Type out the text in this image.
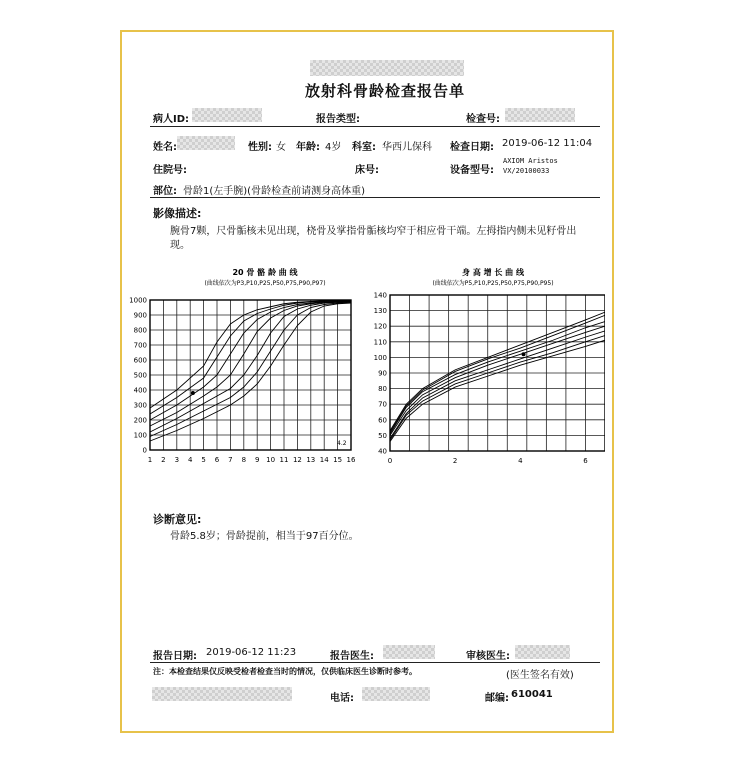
放射科骨龄检查报告单
病人ID:	报告类型:	检查号:
姓名:	性别: 女 年龄: 4岁 科室: 华西儿保科 检查日期: 2019-06-12 11:04
住院号:	床号:	设备型号:
AXIOM Aristos
VX/20100033
部位: 骨龄1(左手腕)(骨龄检查前请测身高体重)
影像描述:
腕骨7颗，尺骨骺核未见出现，桡骨及掌指骨骺核均窄于相应骨干端。左拇指内侧未见籽骨出
现。
20 骨 骼 龄 曲 线
(曲线依次为P3,P10,P25,P50,P75,P90,P97)
身 高 增 长 曲 线
(曲线依次为P5,P10,P25,P50,P75,P90,P95)
1 2 3 4 5 6 7 8 9 10 11 12 13 14 15 16
0
100
200
300
400
500
600
700
800
900
1000
0	2	4	6
40
50
60
70
80
90
100
110
120
130
140
4.2
诊断意见:
骨龄5.8岁；骨龄提前，相当于97百分位。
报告日期: 2019-06-12 11:23	报告医生:	审核医生:
注：本检查结果仅反映受检者检查当时的情况，仅供临床医生诊断时参考。	(医生签名有效)
电话:	邮编: 610041
